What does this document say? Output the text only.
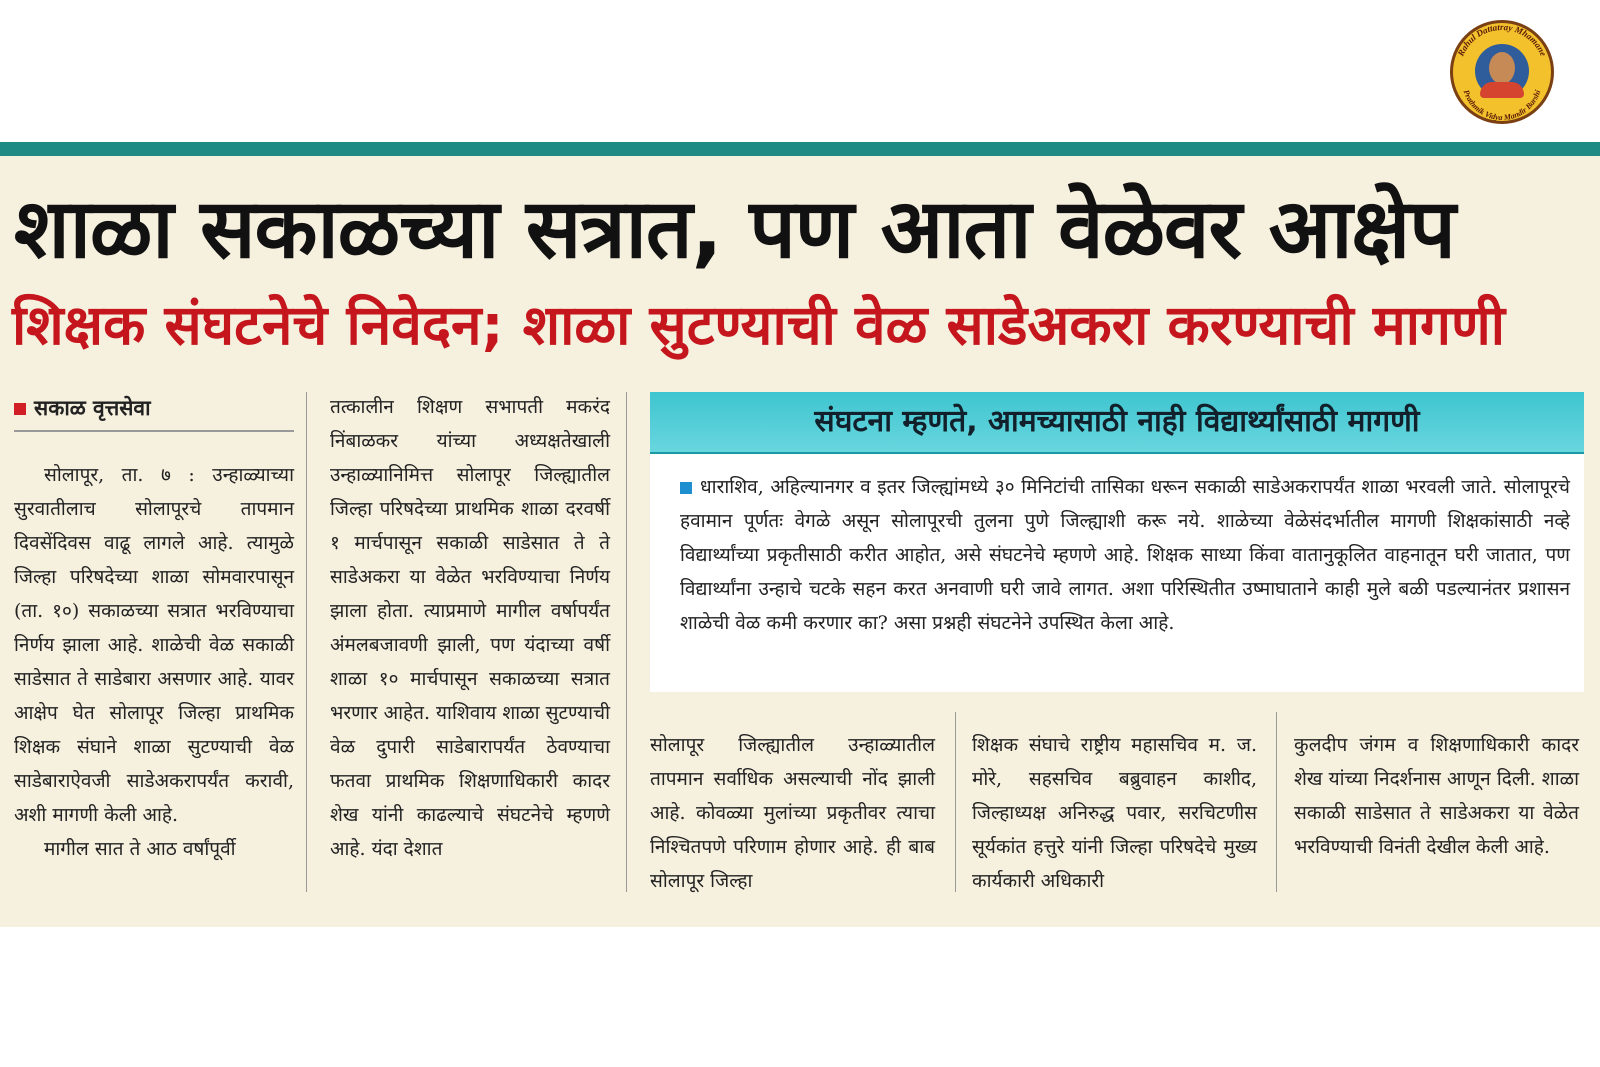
Rahul Dattatray Mhamane
Prathmik Vidya Mandir Barshi
शाळा सकाळच्या सत्रात, पण आता वेळेवर आक्षेप
शिक्षक संघटनेचे निवेदन; शाळा सुटण्याची वेळ साडेअकरा करण्याची मागणी
सकाळ वृत्तसेवा

सोलापूर, ता. ७ : उन्हाळ्याच्या सुरवातीलाच सोलापूरचे तापमान दिवसेंदिवस वाढू लागले आहे. त्यामुळे जिल्हा परिषदेच्या शाळा सोमवारपासून (ता. १०) सकाळच्या सत्रात भरविण्याचा निर्णय झाला आहे. शाळेची वेळ सकाळी साडेसात ते साडेबारा असणार आहे. यावर आक्षेप घेत सोलापूर जिल्हा प्राथमिक शिक्षक संघाने शाळा सुटण्याची वेळ साडेबाराऐवजी साडेअकरापर्यंत करावी, अशी मागणी केली आहे.

मागील सात ते आठ वर्षांपूर्वी

तत्कालीन शिक्षण सभापती मकरंद निंबाळकर यांच्या अध्यक्षतेखाली उन्हाळ्यानिमित्त सोलापूर जिल्ह्यातील जिल्हा परिषदेच्या प्राथमिक शाळा दरवर्षी १ मार्चपासून सकाळी साडेसात ते ते साडेअकरा या वेळेत भरविण्याचा निर्णय झाला होता. त्याप्रमाणे मागील वर्षापर्यंत अंमलबजावणी झाली, पण यंदाच्या वर्षी शाळा १० मार्चपासून सकाळच्या सत्रात भरणार आहेत. याशिवाय शाळा सुटण्याची वेळ दुपारी साडेबारापर्यंत ठेवण्याचा फतवा प्राथमिक शिक्षणाधिकारी कादर शेख यांनी काढल्याचे संघटनेचे म्हणणे आहे. यंदा देशात

संघटना म्हणते, आमच्यासाठी नाही विद्यार्थ्यांसाठी मागणी
धाराशिव, अहिल्यानगर व इतर जिल्ह्यांमध्ये ३० मिनिटांची तासिका धरून सकाळी साडेअकरापर्यंत शाळा भरवली जाते. सोलापूरचे हवामान पूर्णतः वेगळे असून सोलापूरची तुलना पुणे जिल्ह्याशी करू नये. शाळेच्या वेळेसंदर्भातील मागणी शिक्षकांसाठी नव्हे विद्यार्थ्यांच्या प्रकृतीसाठी करीत आहोत, असे संघटनेचे म्हणणे आहे. शिक्षक साध्या किंवा वातानुकूलित वाहनातून घरी जातात, पण विद्यार्थ्यांना उन्हाचे चटके सहन करत अनवाणी घरी जावे लागत. अशा परिस्थितीत उष्माघाताने काही मुले बळी पडल्यानंतर प्रशासन शाळेची वेळ कमी करणार का? असा प्रश्नही संघटनेने उपस्थित केला आहे.

सोलापूर जिल्ह्यातील उन्हाळ्यातील तापमान सर्वाधिक असल्याची नोंद झाली आहे. कोवळ्या मुलांच्या प्रकृतीवर त्याचा निश्चितपणे परिणाम होणार आहे. ही बाब सोलापूर जिल्हा

शिक्षक संघाचे राष्ट्रीय महासचिव म. ज. मोरे, सहसचिव बब्रुवाहन काशीद, जिल्हाध्यक्ष अनिरुद्ध पवार, सरचिटणीस सूर्यकांत हत्तुरे यांनी जिल्हा परिषदेचे मुख्य कार्यकारी अधिकारी

कुलदीप जंगम व शिक्षणाधिकारी कादर शेख यांच्या निदर्शनास आणून दिली. शाळा सकाळी साडेसात ते साडेअकरा या वेळेत भरविण्याची विनंती देखील केली आहे.
